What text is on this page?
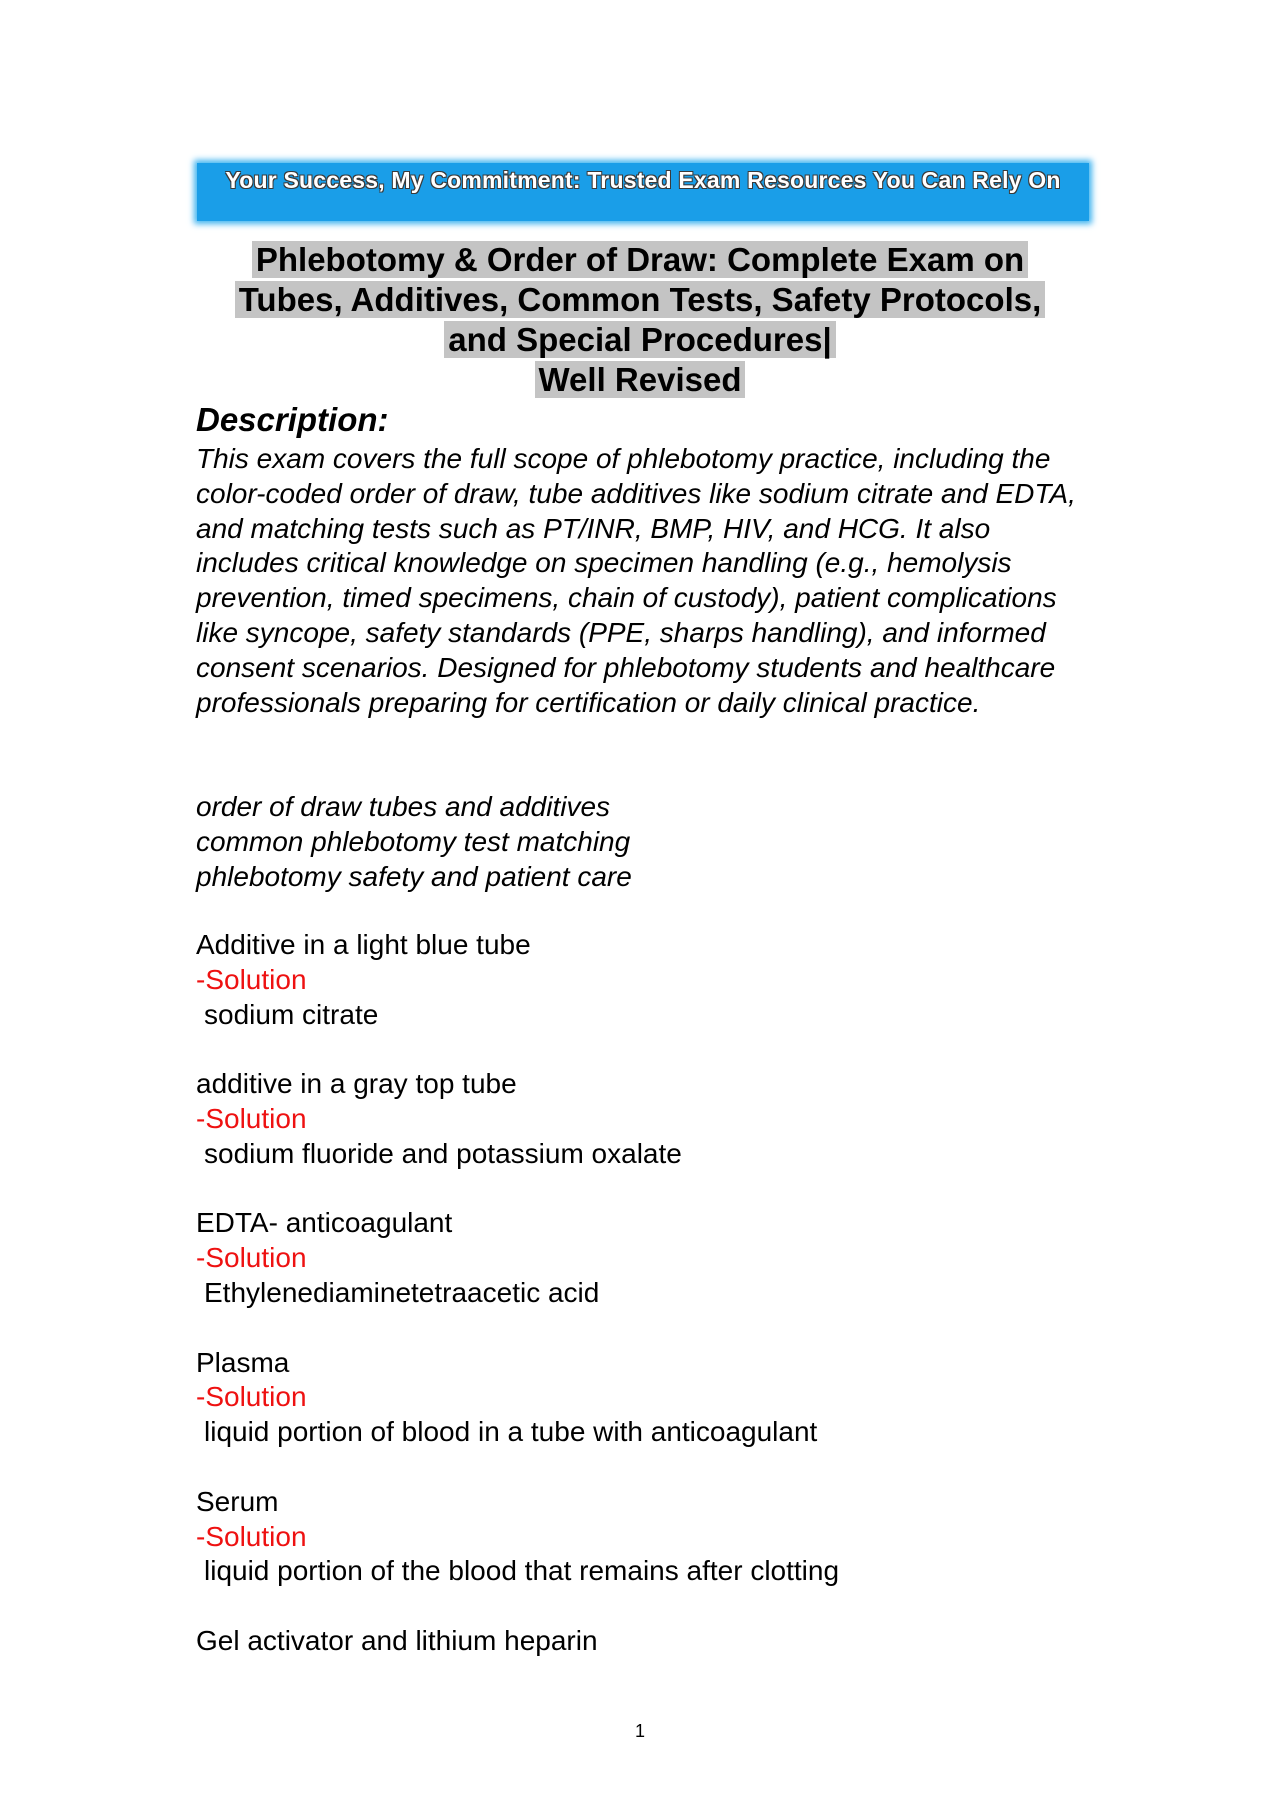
Your Success, My Commitment: Trusted Exam Resources You Can Rely On
Phlebotomy & Order of Draw: Complete Exam on
Tubes, Additives, Common Tests, Safety Protocols,
and Special Procedures|
Well Revised
Description:
This exam covers the full scope of phlebotomy practice, including the color-coded order of draw, tube additives like sodium citrate and EDTA, and matching tests such as PT/INR, BMP, HIV, and HCG. It also includes critical knowledge on specimen handling (e.g., hemolysis prevention, timed specimens, chain of custody), patient complications like syncope, safety standards (PPE, sharps handling), and informed consent scenarios. Designed for phlebotomy students and healthcare professionals preparing for certification or daily clinical practice.
order of draw tubes and additives
common phlebotomy test matching
phlebotomy safety and patient care
Additive in a light blue tube
-Solution
sodium citrate
additive in a gray top tube
-Solution
sodium fluoride and potassium oxalate
EDTA- anticoagulant
-Solution
Ethylenediaminetetraacetic acid
Plasma
-Solution
liquid portion of blood in a tube with anticoagulant
Serum
-Solution
liquid portion of the blood that remains after clotting
Gel activator and lithium heparin
1
